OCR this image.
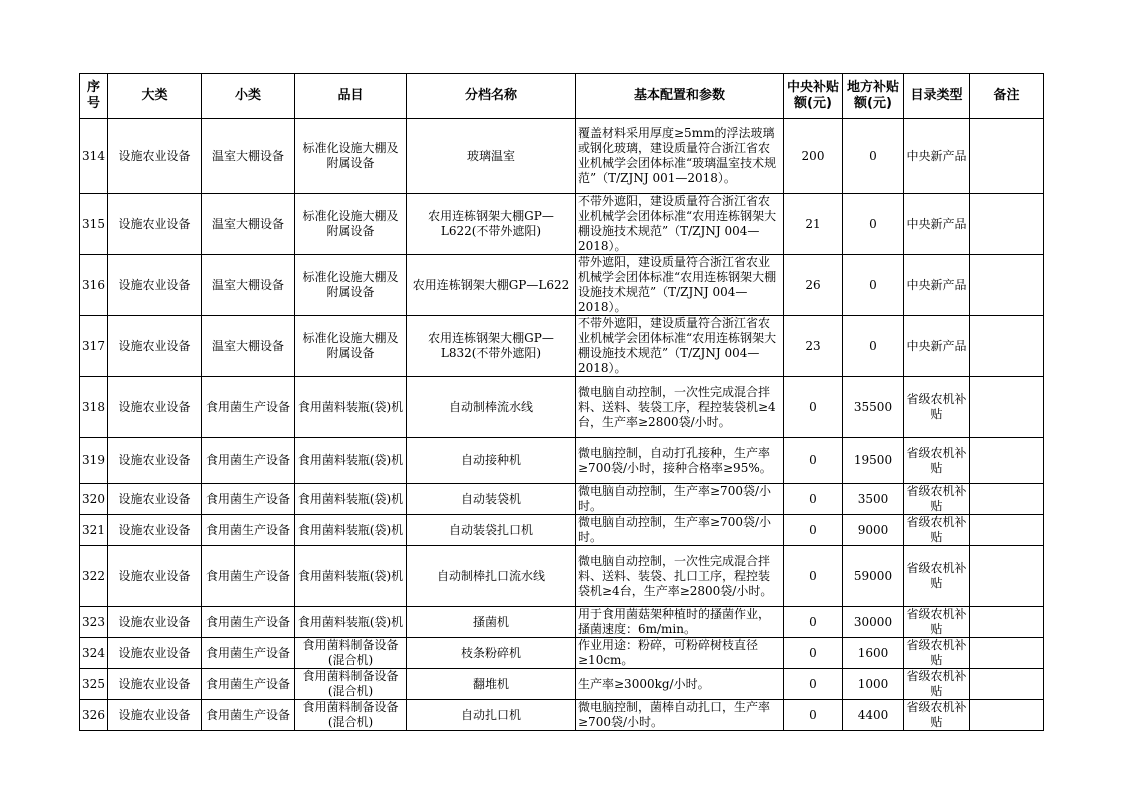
序号	大类	小类	品目	分档名称	基本配置和参数	中央补贴额(元)	地方补贴额(元)	目录类型	备注

314	设施农业设备	温室大棚设备	标准化设施大棚及附属设备	玻璃温室	覆盖材料采用厚度≥5mm的浮法玻璃或钢化玻璃，建设质量符合浙江省农业机械学会团体标准“玻璃温室技术规范”（T/ZJNJ 001—2018）。	200	0	中央新产品	

315	设施农业设备	温室大棚设备	标准化设施大棚及附属设备	农用连栋钢架大棚GP—L622(不带外遮阳)	不带外遮阳，建设质量符合浙江省农业机械学会团体标准“农用连栋钢架大棚设施技术规范”（T/ZJNJ 004—2018）。	21	0	中央新产品	

316	设施农业设备	温室大棚设备	标准化设施大棚及附属设备	农用连栋钢架大棚GP—L622	带外遮阳，建设质量符合浙江省农业机械学会团体标准“农用连栋钢架大棚设施技术规范”（T/ZJNJ 004—2018）。	26	0	中央新产品	

317	设施农业设备	温室大棚设备	标准化设施大棚及附属设备	农用连栋钢架大棚GP—L832(不带外遮阳)	不带外遮阳，建设质量符合浙江省农业机械学会团体标准“农用连栋钢架大棚设施技术规范”（T/ZJNJ 004—2018）。	23	0	中央新产品	

318	设施农业设备	食用菌生产设备	食用菌料装瓶(袋)机	自动制棒流水线	微电脑自动控制，一次性完成混合拌料、送料、装袋工序，程控装袋机≥4台，生产率≥2800袋/小时。	0	35500	省级农机补贴	

319	设施农业设备	食用菌生产设备	食用菌料装瓶(袋)机	自动接种机	微电脑控制，自动打孔接种，生产率≥700袋/小时，接种合格率≥95%。	0	19500	省级农机补贴	

320	设施农业设备	食用菌生产设备	食用菌料装瓶(袋)机	自动装袋机	微电脑自动控制，生产率≥700袋/小时。	0	3500	省级农机补贴	

321	设施农业设备	食用菌生产设备	食用菌料装瓶(袋)机	自动装袋扎口机	微电脑自动控制，生产率≥700袋/小时。	0	9000	省级农机补贴	

322	设施农业设备	食用菌生产设备	食用菌料装瓶(袋)机	自动制棒扎口流水线	微电脑自动控制，一次性完成混合拌料、送料、装袋、扎口工序，程控装袋机≥4台，生产率≥2800袋/小时。	0	59000	省级农机补贴	

323	设施农业设备	食用菌生产设备	食用菌料装瓶(袋)机	搔菌机	用于食用菌菇架种植时的搔菌作业，搔菌速度：6m/min。	0	30000	省级农机补贴	

324	设施农业设备	食用菌生产设备	食用菌料制备设备(混合机)	枝条粉碎机	作业用途：粉碎，可粉碎树枝直径≥10cm。	0	1600	省级农机补贴	

325	设施农业设备	食用菌生产设备	食用菌料制备设备(混合机)	翻堆机	生产率≥3000kg/小时。	0	1000	省级农机补贴	

326	设施农业设备	食用菌生产设备	食用菌料制备设备(混合机)	自动扎口机	微电脑控制，菌棒自动扎口，生产率≥700袋/小时。	0	4400	省级农机补贴	
